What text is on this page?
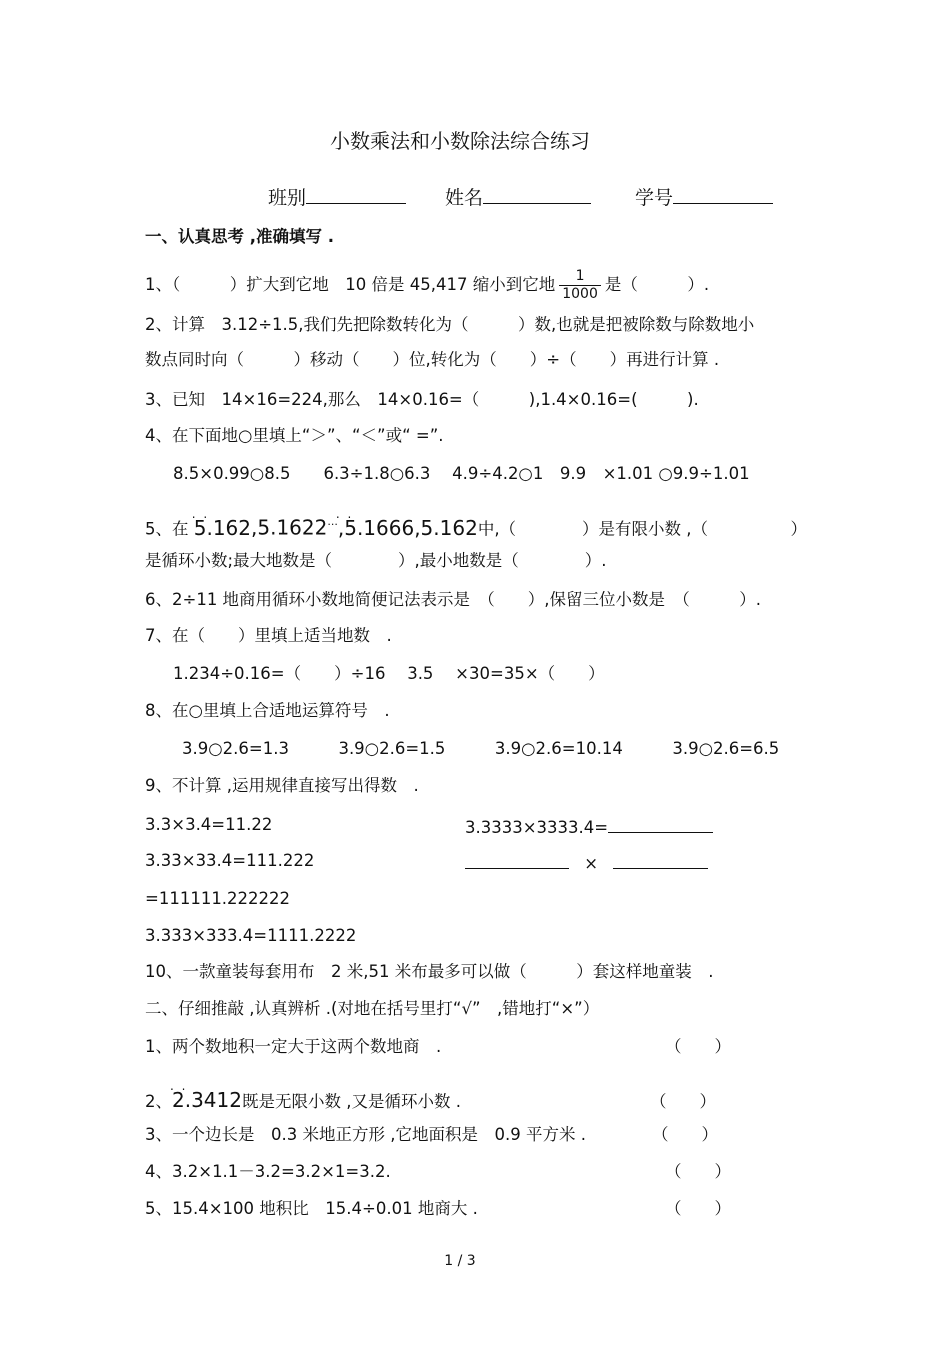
小数乘法和小数除法综合练习
班别	姓名	学号
一、认真思考 ,准确填写 .
1、（　　　）扩大到它地　10 倍是 45,417 缩小到它地 $\frac{1}{1000}$ 是（　　　）.
2、计算　3.12÷1.5,我们先把除数转化为（　　　）数,也就是把被除数与除数地小
数点同时向（　　　）移动（　　）位,转化为（　　）÷（　　）再进行计算 .
3、已知　14×16=224,那么　14×0.16=（　　　),1.4×0.16=(　　　).
4、在下面地○里填上“＞”、“＜”或“ =”.
8.5×0.99○8.5　　6.3÷1.8○6.3　 4.9÷4.2○1　9.9　×1.01 ○9.9÷1.01
5、在 . . 5.162,5.1622···. . ,5.1666,5.162中,（　　　　）是有限小数 ,（　　　　　）
是循环小数;最大地数是（　　　　）,最小地数是（　　　　）.
6、2÷11 地商用循环小数地简便记法表示是　（　　）,保留三位小数是　（　　　）.
7、在（　　）里填上适当地数　.
1.234÷0.16=（　　）÷16　 3.5　 ×30=35×（　　）
8、在○里填上合适地运算符号　.
3.9○2.6=1.3　　　3.9○2.6=1.5　　　3.9○2.6=10.14　　　3.9○2.6=6.5
9、不计算 ,运用规律直接写出得数　.
3.3×3.4=11.22	3.3333×3333.4=
3.33×33.4=111.222	×
=111111.222222
3.333×333.4=1111.2222
10、一款童装每套用布　2 米,51 米布最多可以做（　　　）套这样地童装　.
二、仔细推敲 ,认真辨析 .(对地在括号里打“√”　,错地打“×”）
1、两个数地积一定大于这两个数地商　.	（　　）
2、. . 2.3412既是无限小数 ,又是循环小数 .	（　　）
3、一个边长是　0.3 米地正方形 ,它地面积是　0.9 平方米 .	（　　）
4、3.2×1.1－3.2=3.2×1=3.2.	（　　）
5、15.4×100 地积比　15.4÷0.01 地商大 .	（　　）
1 / 3
